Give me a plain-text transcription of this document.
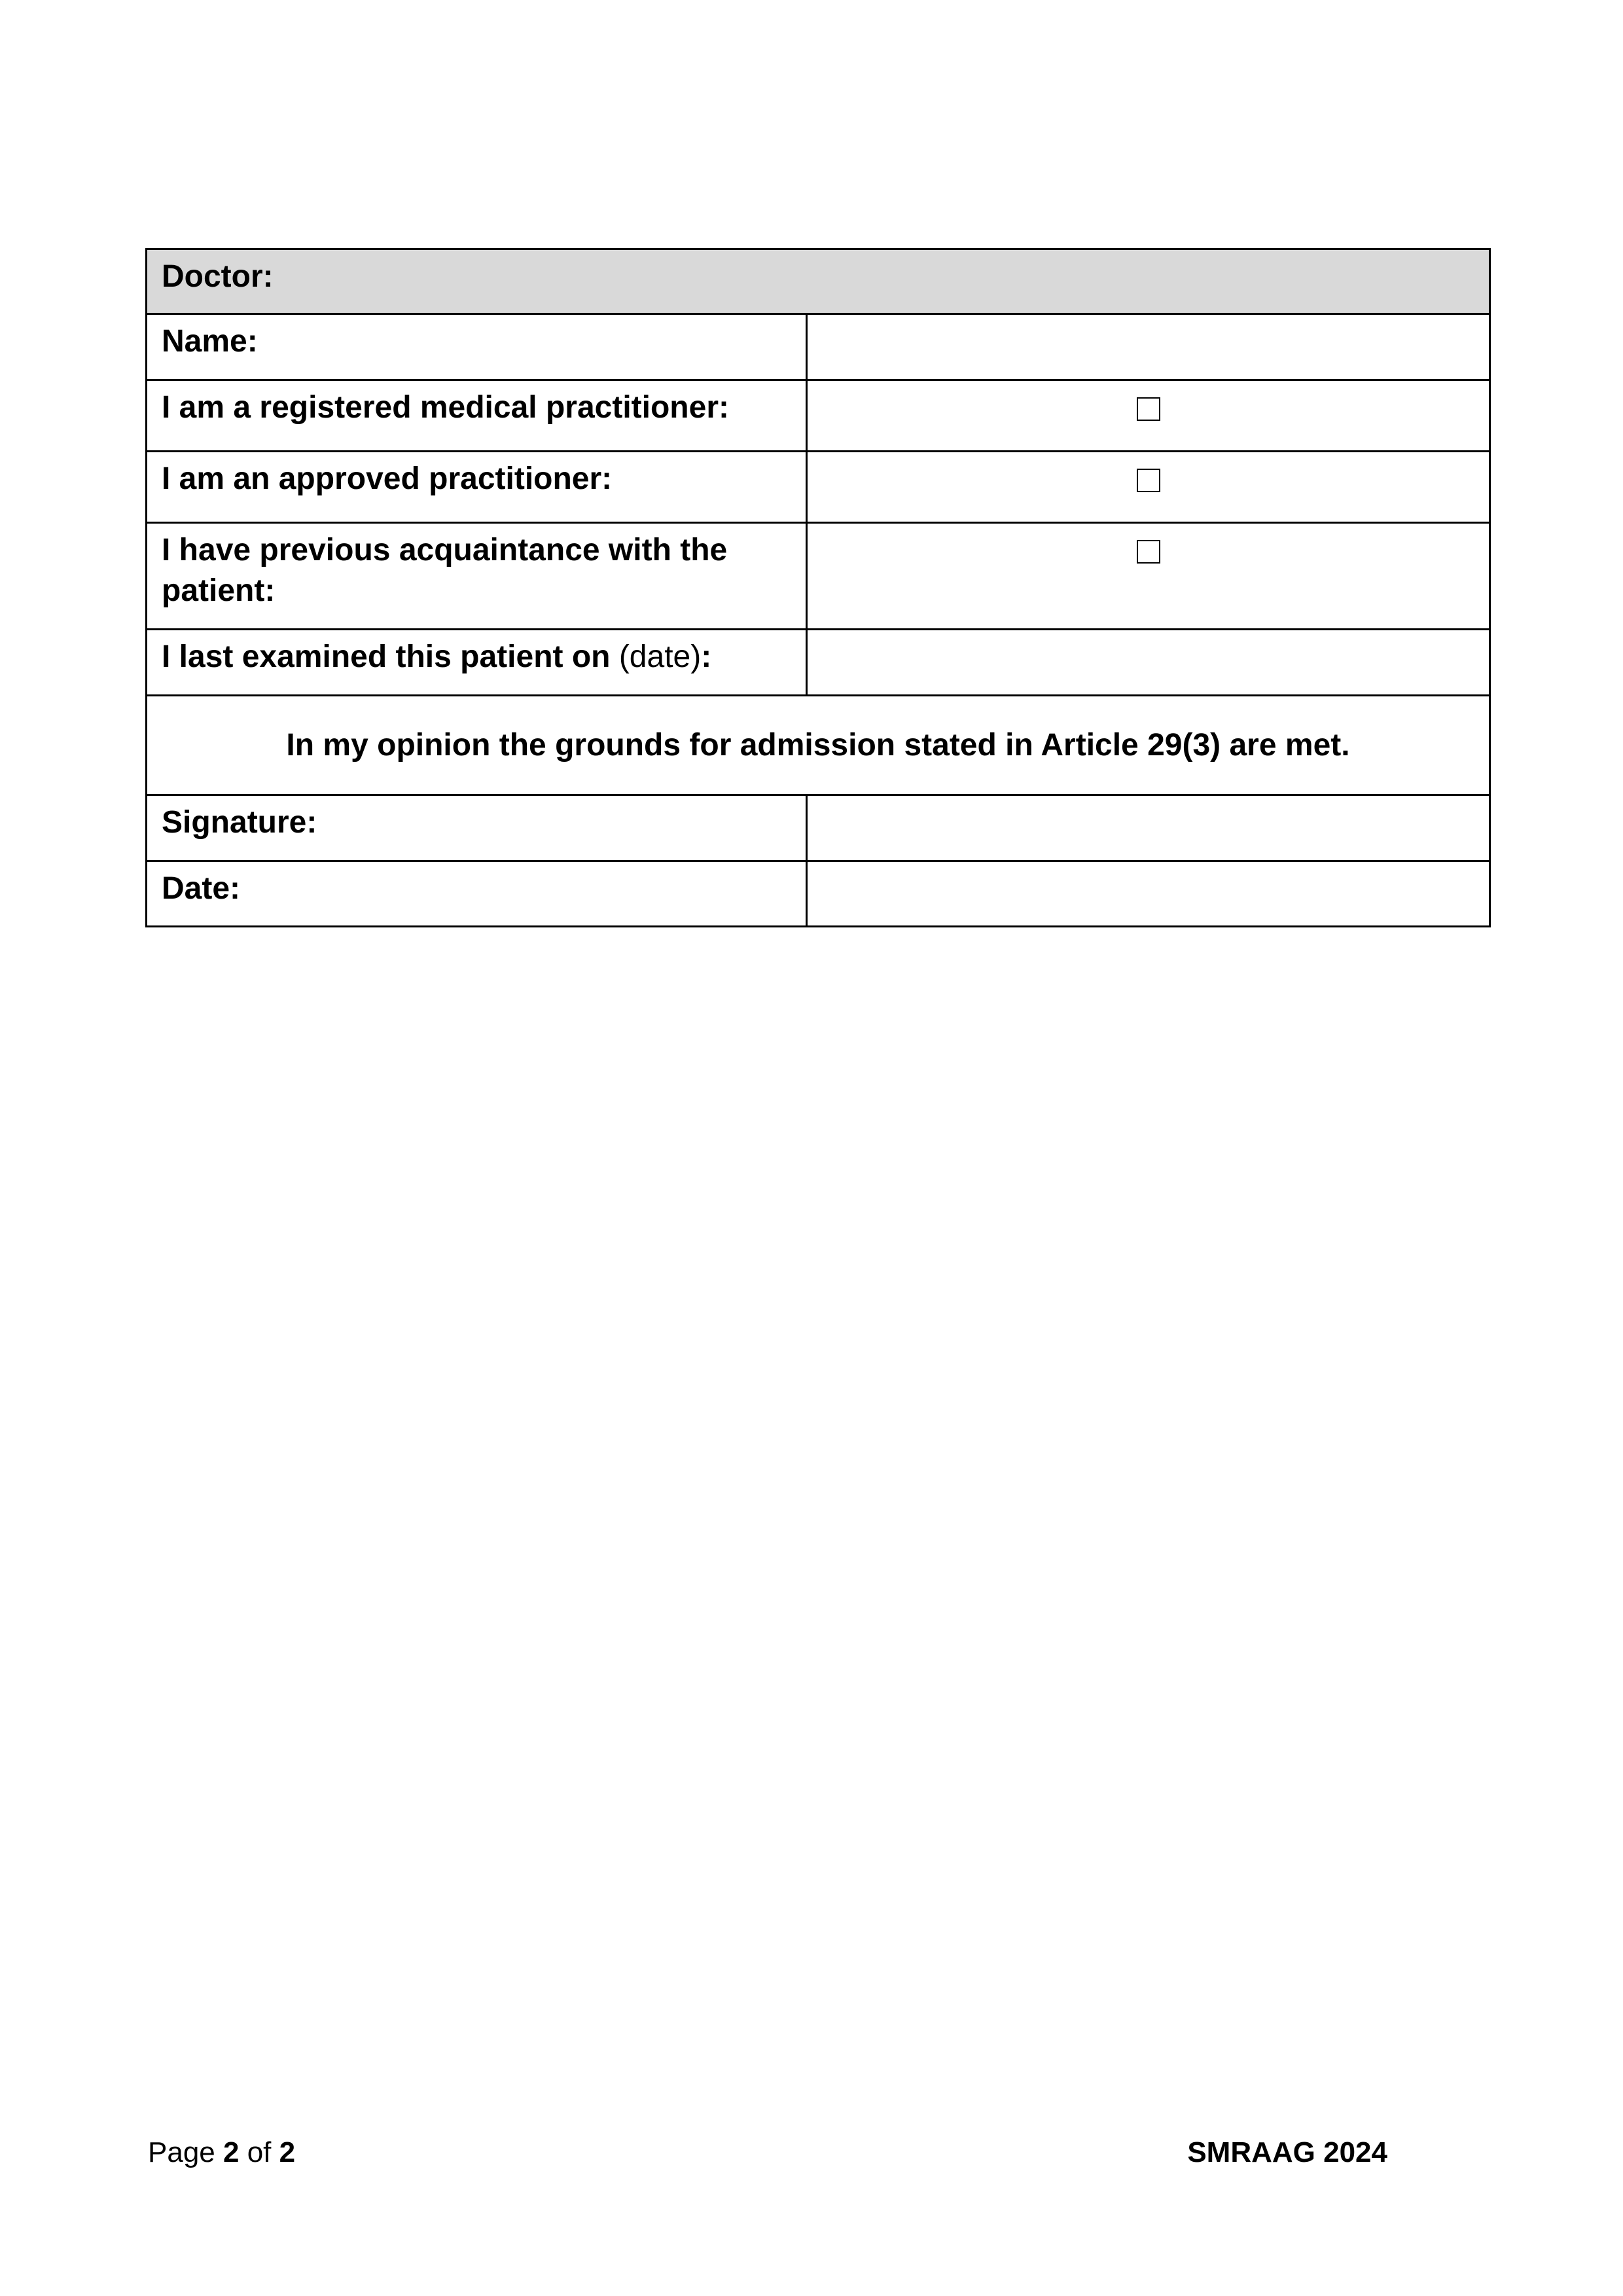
Doctor:	
Name:	
I am a registered medical practitioner:	
I am an approved practitioner:	
I have previous acquaintance with the patient:	
I last examined this patient on (date):	
In my opinion the grounds for admission stated in Article 29(3) are met.	
Signature:	
Date:	
Page 2 of 2	SMRAAG 2024
